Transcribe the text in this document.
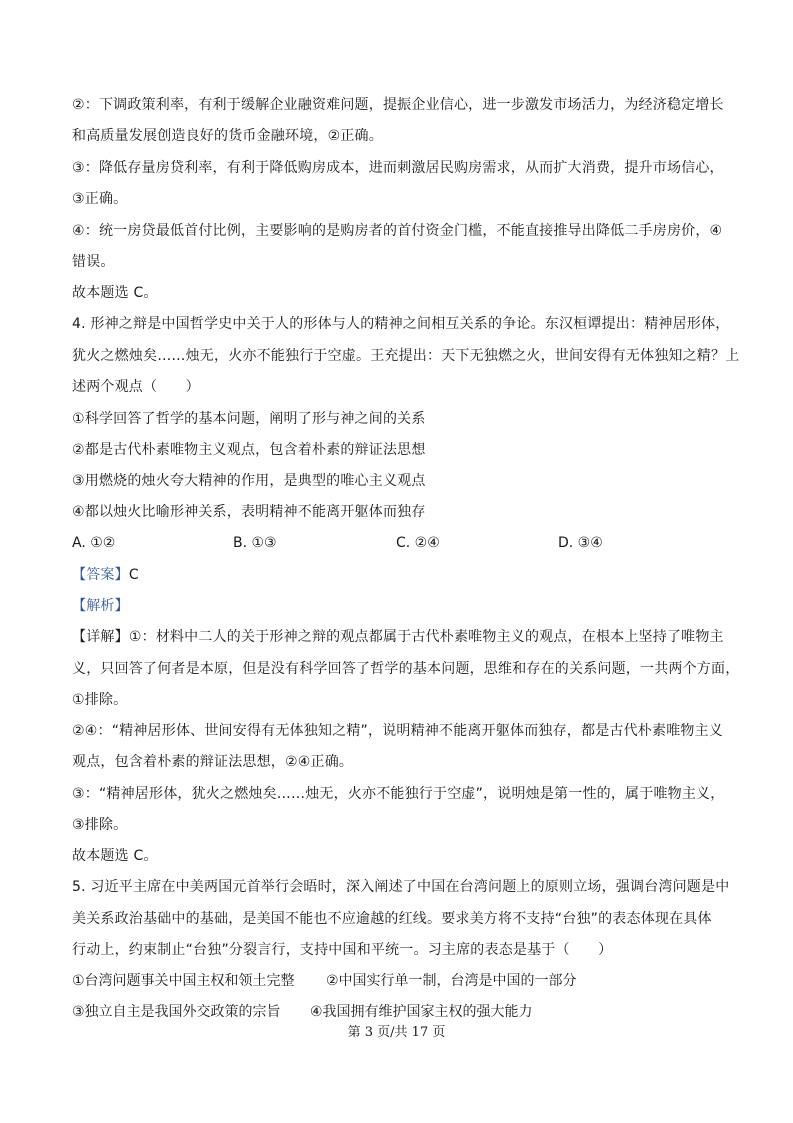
②：下调政策利率，有利于缓解企业融资难问题，提振企业信心，进一步激发市场活力，为经济稳定增长
和高质量发展创造良好的货币金融环境，②正确。
③：降低存量房贷利率，有利于降低购房成本，进而刺激居民购房需求，从而扩大消费，提升市场信心，
③正确。
④：统一房贷最低首付比例，主要影响的是购房者的首付资金门槛，不能直接推导出降低二手房房价，④
错误。
故本题选 C。
4. 形神之辩是中国哲学史中关于人的形体与人的精神之间相互关系的争论。东汉桓谭提出：精神居形体，
犹火之燃烛矣……烛无，火亦不能独行于空虚。王充提出：天下无独燃之火，世间安得有无体独知之精？上
述两个观点（　　）
①科学回答了哲学的基本问题，阐明了形与神之间的关系
②都是古代朴素唯物主义观点，包含着朴素的辩证法思想
③用燃烧的烛火夸大精神的作用，是典型的唯心主义观点
④都以烛火比喻形神关系，表明精神不能离开躯体而独存
A. ①②	B. ①③	C. ②④	D. ③④
【答案】C
【解析】
【详解】①：材料中二人的关于形神之辩的观点都属于古代朴素唯物主义的观点，在根本上坚持了唯物主
义，只回答了何者是本原，但是没有科学回答了哲学的基本问题，思维和存在的关系问题，一共两个方面，
①排除。
②④：“精神居形体、世间安得有无体独知之精”，说明精神不能离开躯体而独存，都是古代朴素唯物主义
观点，包含着朴素的辩证法思想，②④正确。
③：“精神居形体，犹火之燃烛矣……烛无，火亦不能独行于空虚”，说明烛是第一性的，属于唯物主义，
③排除。
故本题选 C。
5. 习近平主席在中美两国元首举行会晤时，深入阐述了中国在台湾问题上的原则立场，强调台湾问题是中
美关系政治基础中的基础，是美国不能也不应逾越的红线。要求美方将不支持“台独”的表态体现在具体
行动上，约束制止“台独”分裂言行，支持中国和平统一。习主席的表态是基于（　　）
①台湾问题事关中国主权和领土完整 ②中国实行单一制，台湾是中国的一部分
③独立自主是我国外交政策的宗旨 ④我国拥有维护国家主权的强大能力
第 3 页/共 17 页
